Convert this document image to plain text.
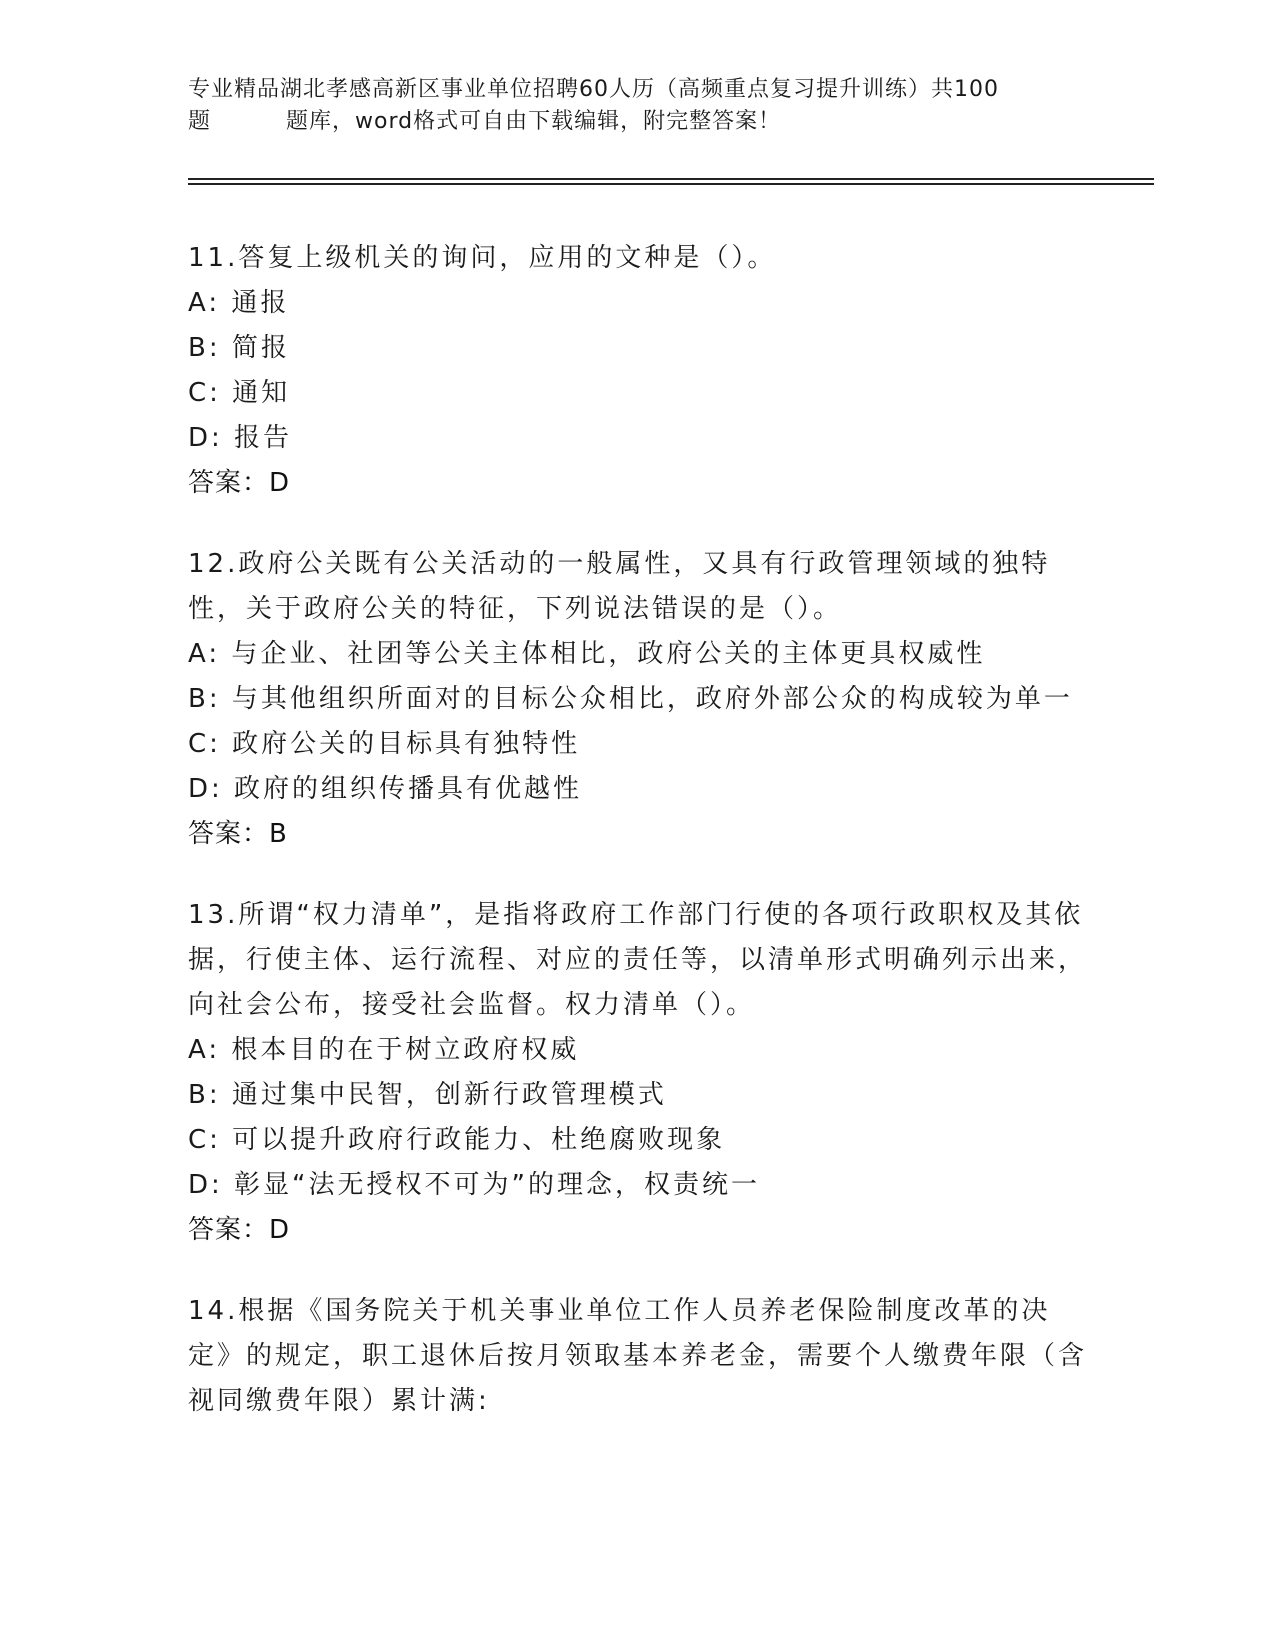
专业精品湖北孝感高新区事业单位招聘60人历（高频重点复习提升训练）共100
题	题库，word格式可自由下载编辑，附完整答案！
11.答复上级机关的询问，应用的文种是（）。
A: 通报
B: 简报
C: 通知
D: 报告
答案：D
12.政府公关既有公关活动的一般属性，又具有行政管理领域的独特性，关于政府公关的特征，下列说法错误的是（）。
A: 与企业、社团等公关主体相比，政府公关的主体更具权威性
B: 与其他组织所面对的目标公众相比，政府外部公众的构成较为单一
C: 政府公关的目标具有独特性
D: 政府的组织传播具有优越性
答案：B
13.所谓“权力清单”，是指将政府工作部门行使的各项行政职权及其依据，行使主体、运行流程、对应的责任等，以清单形式明确列示出来，向社会公布，接受社会监督。权力清单（）。
A: 根本目的在于树立政府权威
B: 通过集中民智，创新行政管理模式
C: 可以提升政府行政能力、杜绝腐败现象
D: 彰显“法无授权不可为”的理念，权责统一
答案：D
14.根据《国务院关于机关事业单位工作人员养老保险制度改革的决定》的规定，职工退休后按月领取基本养老金，需要个人缴费年限（含视同缴费年限）累计满:
